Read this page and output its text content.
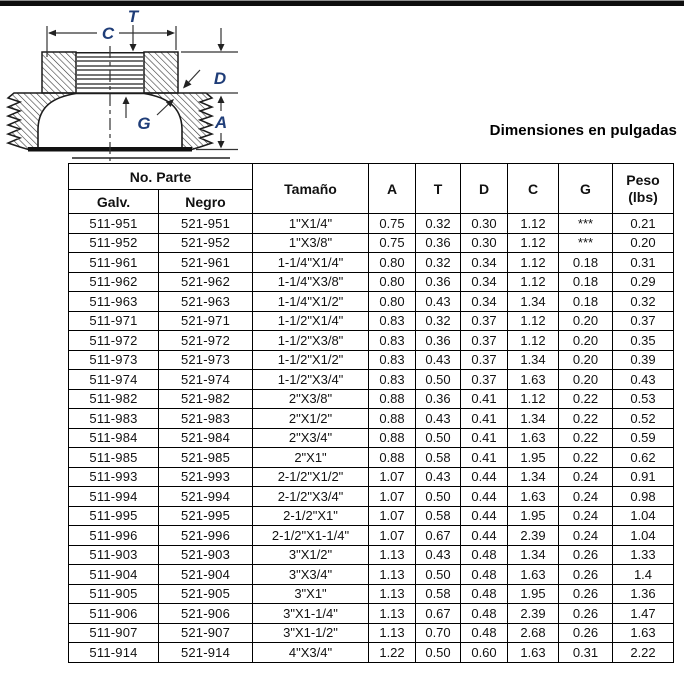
C
T
D
A
G	Dimensiones en pulgadas
No. Parte		Tamaño	A	T	D	C	G	Peso
(lbs)

Galv.	Negro							
511-951	521-951	1"X1/4"	0.75	0.32	0.30	1.12	***	0.21
511-952	521-952	1"X3/8"	0.75	0.36	0.30	1.12	***	0.20
511-961	521-961	1-1/4"X1/4"	0.80	0.32	0.34	1.12	0.18	0.31
511-962	521-962	1-1/4"X3/8"	0.80	0.36	0.34	1.12	0.18	0.29
511-963	521-963	1-1/4"X1/2"	0.80	0.43	0.34	1.34	0.18	0.32
511-971	521-971	1-1/2"X1/4"	0.83	0.32	0.37	1.12	0.20	0.37
511-972	521-972	1-1/2"X3/8"	0.83	0.36	0.37	1.12	0.20	0.35
511-973	521-973	1-1/2"X1/2"	0.83	0.43	0.37	1.34	0.20	0.39
511-974	521-974	1-1/2"X3/4"	0.83	0.50	0.37	1.63	0.20	0.43
511-982	521-982	2"X3/8"	0.88	0.36	0.41	1.12	0.22	0.53
511-983	521-983	2"X1/2"	0.88	0.43	0.41	1.34	0.22	0.52
511-984	521-984	2"X3/4"	0.88	0.50	0.41	1.63	0.22	0.59
511-985	521-985	2"X1"	0.88	0.58	0.41	1.95	0.22	0.62
511-993	521-993	2-1/2"X1/2"	1.07	0.43	0.44	1.34	0.24	0.91
511-994	521-994	2-1/2"X3/4"	1.07	0.50	0.44	1.63	0.24	0.98
511-995	521-995	2-1/2"X1"	1.07	0.58	0.44	1.95	0.24	1.04
511-996	521-996	2-1/2"X1-1/4"	1.07	0.67	0.44	2.39	0.24	1.04
511-903	521-903	3"X1/2"	1.13	0.43	0.48	1.34	0.26	1.33
511-904	521-904	3"X3/4"	1.13	0.50	0.48	1.63	0.26	1.4
511-905	521-905	3"X1"	1.13	0.58	0.48	1.95	0.26	1.36
511-906	521-906	3"X1-1/4"	1.13	0.67	0.48	2.39	0.26	1.47
511-907	521-907	3"X1-1/2"	1.13	0.70	0.48	2.68	0.26	1.63
511-914	521-914	4"X3/4"	1.22	0.50	0.60	1.63	0.31	2.22
